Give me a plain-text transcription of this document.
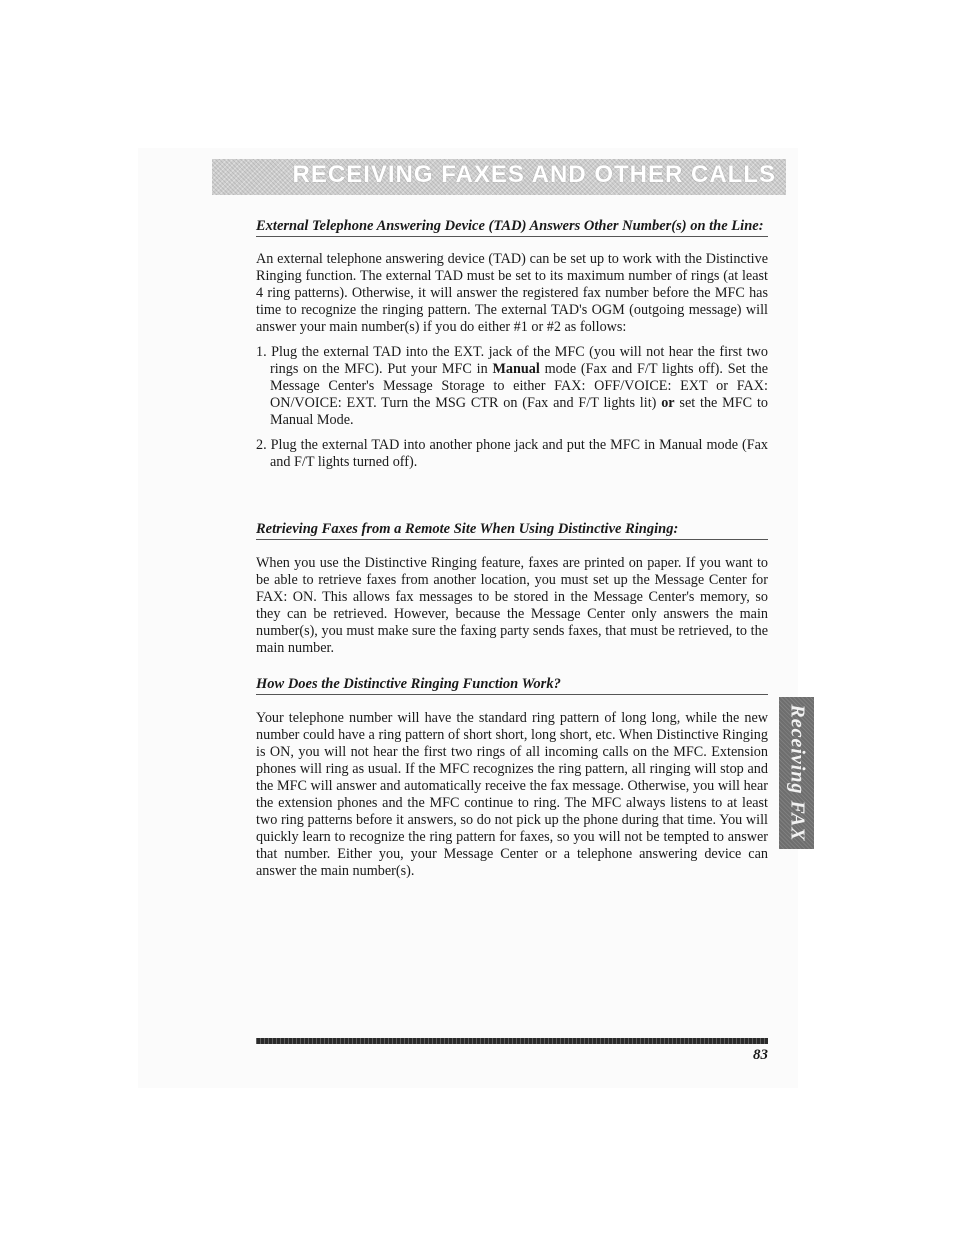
RECEIVING FAXES AND OTHER CALLS
External Telephone Answering Device (TAD) Answers Other Number(s) on the Line:

An external telephone answering device (TAD) can be set up to work with the Distinctive Ringing function. The external TAD must be set to its maximum number of rings (at least 4 ring patterns). Otherwise, it will answer the registered fax number before the MFC has time to recognize the ringing pattern. The external TAD's OGM (outgoing message) will answer your main number(s) if you do either #1 or #2 as follows:

1. Plug the external TAD into the EXT. jack of the MFC (you will not hear the first two rings on the MFC). Put your MFC in Manual mode (Fax and F/T lights off). Set the Message Center's Message Storage to either FAX: OFF/VOICE: EXT or FAX: ON/VOICE: EXT. Turn the MSG CTR on (Fax and F/T lights lit) or set the MFC to Manual Mode.
2. Plug the external TAD into another phone jack and put the MFC in Manual mode (Fax and F/T lights turned off).
Retrieving Faxes from a Remote Site When Using Distinctive Ringing:

When you use the Distinctive Ringing feature, faxes are printed on paper. If you want to be able to retrieve faxes from another location, you must set up the Message Center for FAX: ON. This allows fax messages to be stored in the Message Center's memory, so they can be retrieved. However, because the Message Center only answers the main number(s), you must make sure the faxing party sends faxes, that must be retrieved, to the main number.

How Does the Distinctive Ringing Function Work?

Your telephone number will have the standard ring pattern of long long, while the new number could have a ring pattern of short short, long short, etc. When Distinctive Ringing is ON, you will not hear the first two rings of all incoming calls on the MFC. Extension phones will ring as usual. If the MFC recognizes the ring pattern, all ringing will stop and the MFC will answer and automatically receive the fax message. Otherwise, you will hear the extension phones and the MFC continue to ring. The MFC always listens to at least two ring patterns before it answers, so do not pick up the phone during that time. You will quickly learn to recognize the ring pattern for faxes, so you will not be tempted to answer that number. Either you, your Message Center or a telephone answering device can answer the main number(s).

Receiving FAX
83
